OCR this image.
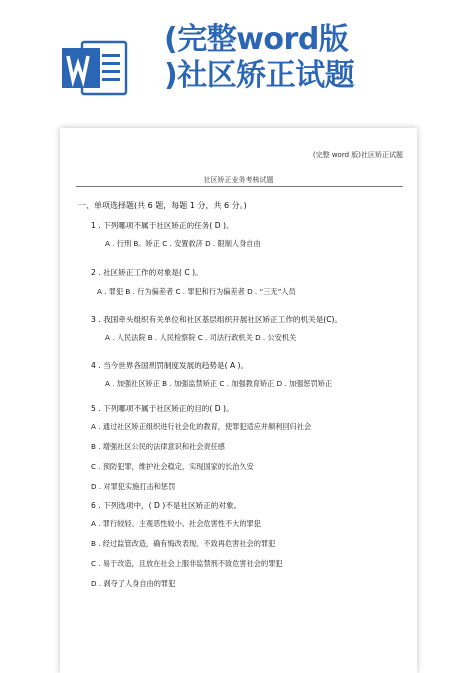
(完整word版
)社区矫正试题
(完整 word 版)社区矫正试题
社区矫正业务考核试题
一、单项选择题(共 6 题，每题 1 分，共 6 分。)
1 . 下列哪项不属于社区矫正的任务( D )。
A . 行刑 B。矫正 C . 安置救济 D . 限制人身自由
2 . 社区矫正工作的对象是( C )。
A . 罪犯 B . 行为偏差者 C . 罪犯和行为偏差者 D . “三无”人员
3 . 我国牵头组织有关单位和社区基层组织开展社区矫正工作的机关是(C)。
A . 人民法院 B . 人民检察院 C . 司法行政机关 D . 公安机关
4 . 当今世界各国刑罚制度发展的趋势是( A )。
A . 加强社区矫正 B . 加强监禁矫正 C . 加强教育矫正 D . 加强惩罚矫正
5 . 下列哪项不属于社区矫正的目的( D )。
A . 通过社区矫正组织进行社会化的教育，使罪犯适应并顺利回归社会
B . 增强社区公民的法律意识和社会责任感
C . 预防犯罪，维护社会稳定，实现国家的长治久安
D . 对罪犯实施打击和惩罚
6 . 下列选项中，( D )不是社区矫正的对象。
A . 罪行较轻、主观恶性较小、社会危害性不大的罪犯
B . 经过监管改造，确有悔改表现、不致再危害社会的罪犯
C . 易于改造，且放在社会上服非监禁刑不致危害社会的罪犯
D . 剥夺了人身自由的罪犯
